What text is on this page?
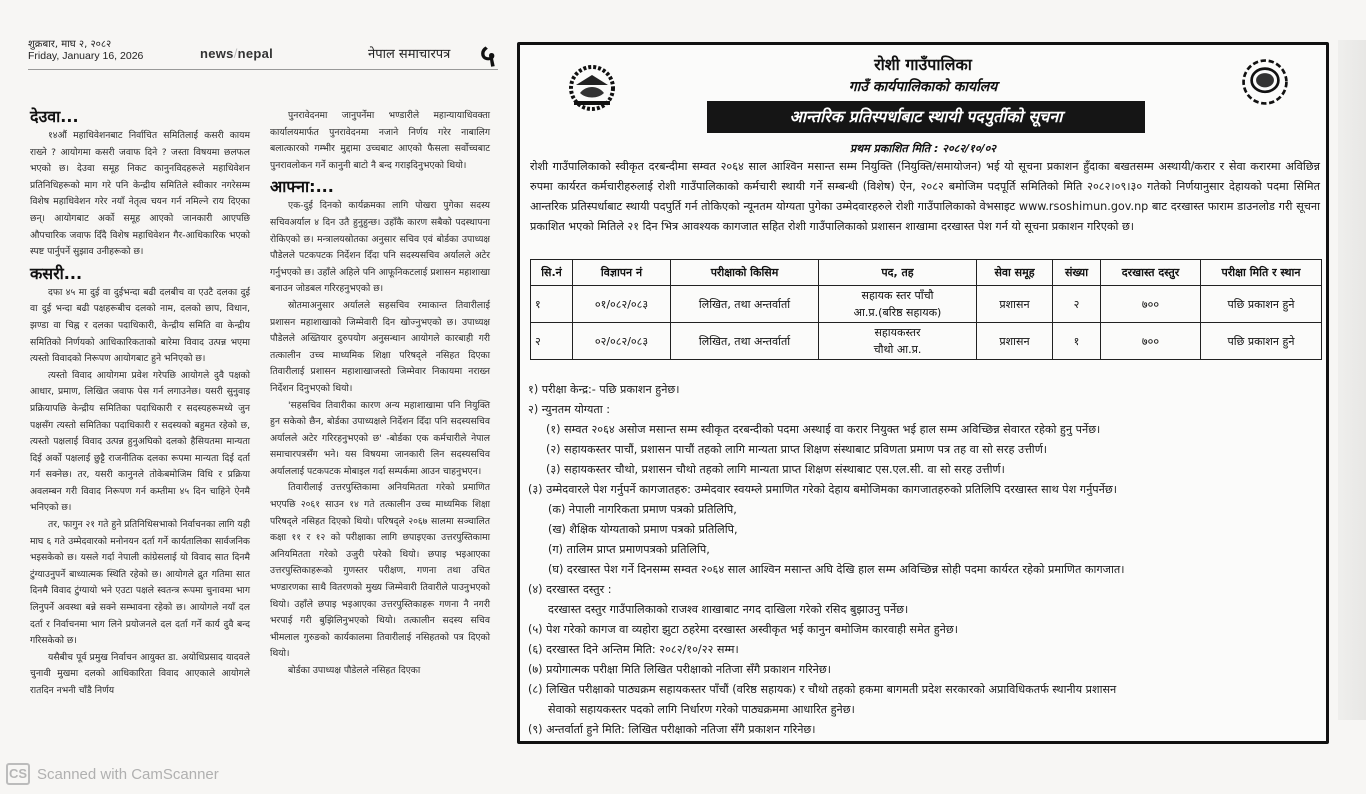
शुक्रबार, माघ २, २०८२
Friday, January 16, 2026	news/nepal	नेपाल समाचारपत्र ५
देउवा...

१४औं महाधिवेशनबाट निर्वाचित समितिलाई कसरी कायम राख्ने ? आयोगमा कसरी जवाफ दिने ? जस्ता विषयमा छलफल भएको छ। देउवा समूह निकट कानुनविदहरूले महाधिवेशन प्रतिनिधिहरूको माग गरे पनि केन्द्रीय समितिले स्वीकार नगरेसम्म विशेष महाधिवेशन गरेर नयाँ नेतृत्व चयन गर्न नमिल्ने राय दिएका छन्। आयोगबाट अर्को समूह आएको जानकारी आएपछि औपचारिक जवाफ दिँदै विशेष महाधिवेशन गैर-आधिकारिक भएको स्पष्ट पार्नुपर्ने सुझाव उनीहरूको छ।

कसरी...

दफा ४५ मा दुई वा दुईभन्दा बढी दलबीच वा एउटै दलका दुई वा दुई भन्दा बढी पक्षहरूबीच दलको नाम, दलको छाप, विधान, झण्डा वा चिह्न र दलका पदाधिकारी, केन्द्रीय समिति वा केन्द्रीय समितिको निर्णयको आधिकारिकताको बारेमा विवाद उत्पन्न भएमा त्यस्तो विवादको निरूपण आयोगबाट हुने भनिएको छ।

त्यस्तो विवाद आयोगमा प्रवेश गरेपछि आयोगले दुवै पक्षको आधार, प्रमाण, लिखित जवाफ पेस गर्न लगाउनेछ। यसरी सुनुवाइ प्रक्रियापछि केन्द्रीय समितिका पदाधिकारी र सदस्यहरूमध्ये जुन पक्षसँग त्यस्तो समितिका पदाधिकारी र सदस्यको बहुमत रहेको छ, त्यस्तो पक्षलाई विवाद उत्पन्न हुनुअघिको दलको हैसियतमा मान्यता दिई अर्को पक्षलाई छुट्टै राजनीतिक दलका रूपमा मान्यता दिई दर्ता गर्न सक्नेछ। तर, यसरी कानुनले तोकेबमोजिम विधि र प्रक्रिया अवलम्बन गरी विवाद निरूपण गर्न कम्तीमा ४५ दिन चाहिने ऐनमै भनिएको छ।

तर, फागुन २१ गते हुने प्रतिनिधिसभाको निर्वाचनका लागि यही माघ ६ गते उम्मेदवारको मनोनयन दर्ता गर्ने कार्यतालिका सार्वजनिक भइसकेको छ। यसले गर्दा नेपाली कांग्रेसलाई यो विवाद सात दिनमै टुंग्याउनुपर्ने बाध्यात्मक स्थिति रहेको छ। आयोगले द्रुत गतिमा सात दिनमै विवाद टुंग्यायो भने एउटा पक्षले स्वतन्त्र रूपमा चुनावमा भाग लिनुपर्ने अवस्था बन्ने सक्ने सम्भावना रहेको छ। आयोगले नयाँ दल दर्ता र निर्वाचनमा भाग लिने प्रयोजनले दल दर्ता गर्ने कार्य दुवै बन्द गरिसकेको छ।

यसैबीच पूर्व प्रमुख निर्वाचन आयुक्त डा. अयोधिप्रसाद यादवले चुनावी मुखमा दलको आधिकारिता विवाद आएकाले आयोगले रातदिन नभनी चाँडै निर्णय

पुनरावेदनमा जानुपर्नेमा भण्डारीले महान्यायाधिवक्ता कार्यालयमार्फत पुनरावेदनमा नजाने निर्णय गरेर नाबालिग बलात्कारको गम्भीर मुद्दामा उच्चबाट आएको फैसला सर्वोच्चबाट पुनरावलोकन गर्ने कानुनी बाटो नै बन्द गराइदिनुभएको थियो।

आफ्ना:...

एक-दुई दिनको कार्यक्रमका लागि पोखरा पुगेका सदस्य सचिवअर्याल ४ दिन उतै हुनुहुन्छ। उहाँकै कारण सबैको पदस्थापना रोकिएको छ। मन्त्रालयस्रोतका अनुसार सचिव एवं बोर्डका उपाध्यक्ष पौडेलले पटकपटक निर्देशन दिँदा पनि सदस्यसचिव अर्यालले अटेर गर्नुभएको छ। उहाँले अहिले पनि आफूनिकटलाई प्रशासन महाशाखा बनाउन जोडबल गरिरहनुभएको छ।

स्रोतमाअनुसार अर्यालले सहसचिव रमाकान्त तिवारीलाई प्रशासन महाशाखाको जिम्मेवारी दिन खोज्नुभएको छ। उपाध्यक्ष पौडेलले अख्तियार दुरुपयोग अनुसन्धान आयोगले कारबाही गरी तत्कालीन उच्च माध्यमिक शिक्षा परिषद्ले नसिहत दिएका तिवारीलाई प्रशासन महाशाखाजस्तो जिम्मेवार निकायमा नराख्न निर्देशन दिनुभएको थियो।

'सहसचिव तिवारीका कारण अन्य महाशाखामा पनि नियुक्ति हुन सकेको छैन, बोर्डका उपाध्यक्षले निर्देशन दिँदा पनि सदस्यसचिव अर्यालले अटेर गरिरहनुभएको छ' -बोर्डका एक कर्मचारीले नेपाल समाचारपत्रसँग भने। यस विषयमा जानकारी लिन सदस्यसचिव अर्याललाई पटकपटक मोबाइल गर्दा सम्पर्कमा आउन चाहनुभएन।

तिवारीलाई उत्तरपुस्तिकामा अनियमितता गरेको प्रमाणित भएपछि २०६१ साउन १४ गते तत्कालीन उच्च माध्यमिक शिक्षा परिषद्ले नसिहत दिएको थियो। परिषद्ले २०६७ सालमा सञ्चालित कक्षा ११ र १२ को परीक्षाका लागि छपाइएका उत्तरपुस्तिकामा अनियमितता गरेको उजुरी परेको थियो। छपाइ भइआएका उत्तरपुस्तिकाहरूको गुणस्तर परीक्षण, गणना तथा उचित भण्डारणका साथै वितरणको मुख्य जिम्मेवारी तिवारीले पाउनुभएको थियो। उहाँले छपाइ भइआएका उत्तरपुस्तिकाहरू गणना नै नगरी भरपाई गरी बुझिलिनुभएको थियो। तत्कालीन सदस्य सचिव भीमलाल गुरुङको कार्यकालमा तिवारीलाई नसिहतको पत्र दिएको थियो।

बोर्डका उपाध्यक्ष पौडेलले नसिहत दिएका

रोशी गाउँपालिका
गाउँ कार्यपालिकाको कार्यालय
आन्तरिक प्रतिस्पर्धाबाट स्थायी पदपुर्तीको सूचना
प्रथम प्रकाशित मिति : २०८२/१०/०२
रोशी गाउँपालिकाको स्वीकृत दरबन्दीमा सम्वत २०६४ साल आश्विन मसान्त सम्म नियुक्ति (नियुक्ति/समायोजन) भई यो सूचना प्रकाशन हुँदाका बखतसम्म अस्थायी/करार र सेवा करारमा अविछिन्न रुपमा कार्यरत कर्मचारीहरुलाई रोशी गाउँपालिकाको कर्मचारी स्थायी गर्ने सम्बन्धी (विशेष) ऐन, २०८२ बमोजिम पदपूर्ति समितिको मिति २०८२।०९।३० गतेको निर्णयानुसार देहायको पदमा सिमित आन्तरिक प्रतिस्पर्धाबाट स्थायी पदपुर्ति गर्न तोकिएको न्यूनतम योग्यता पुगेका उम्मेदवारहरुले रोशी गाउँपालिकाको वेभसाइट www.rsoshimun.gov.np बाट दरखास्त फाराम डाउनलोड गरी सूचना प्रकाशित भएको मितिले २१ दिन भित्र आवश्यक कागजात सहित रोशी गाउँपालिकाको प्रशासन शाखामा दरखास्त पेश गर्न यो सूचना प्रकाशन गरिएको छ।
सि.नं	विज्ञापन नं	परीक्षाको किसिम	पद, तह	सेवा समूह	संख्या	दरखास्त दस्तुर	परीक्षा मिति र स्थान
१	०१/०८२/०८३	लिखित, तथा अन्तर्वार्ता	सहायक स्तर पाँचौ
आ.प्र.(बरिष्ठ सहायक)	प्रशासन	२	७००	पछि प्रकाशन हुने
२	०२/०८२/०८३	लिखित, तथा अन्तर्वार्ता	सहायकस्तर
चौथो आ.प्र.	प्रशासन	१	७००	पछि प्रकाशन हुने
१) परीक्षा केन्द्र:- पछि प्रकाशन हुनेछ।
२) न्युनतम योग्यता :
(१) सम्वत २०६४ असोज मसान्त सम्म स्वीकृत दरबन्दीको पदमा अस्थाई वा करार नियुक्त भई हाल सम्म अविच्छिन्न सेवारत रहेको हुनु पर्नेछ।
(२) सहायकस्तर पाचौं, प्रशासन पाचौं तहको लागि मान्यता प्राप्त शिक्षण संस्थाबाट प्रविणता प्रमाण पत्र तह वा सो सरह उत्तीर्ण।
(३) सहायकस्तर चौथो, प्रशासन चौथो तहको लागि मान्यता प्राप्त शिक्षण संस्थाबाट एस.एल.सी. वा सो सरह उत्तीर्ण।
(३) उम्मेदवारले पेश गर्नुपर्ने कागजातहरु: उम्मेदवार स्वयम्ले प्रमाणित गरेको देहाय बमोजिमका कागजातहरुको प्रतिलिपि दरखास्त साथ पेश गर्नुपर्नेछ।
(क) नेपाली नागरिकता प्रमाण पत्रको प्रतिलिपि,
(ख) शैक्षिक योग्यताको प्रमाण पत्रको प्रतिलिपि,
(ग) तालिम प्राप्त प्रमाणपत्रको प्रतिलिपि,
(घ) दरखास्त पेश गर्ने दिनसम्म सम्वत २०६४ साल आश्विन मसान्त अघि देखि हाल सम्म अविच्छिन्न सोही पदमा कार्यरत रहेको प्रमाणित कागजात।
(४) दरखास्त दस्तुर :
दरखास्त दस्तुर गाउँपालिकाको राजश्व शाखाबाट नगद दाखिला गरेको रसिद बुझाउनु पर्नेछ।
(५) पेश गरेको कागज वा व्यहोरा झुटा ठहरेमा दरखास्त अस्वीकृत भई कानुन बमोजिम कारवाही समेत हुनेछ।
(६) दरखास्त दिने अन्तिम मिति: २०८२/१०/२२ सम्म।
(७) प्रयोगात्मक परीक्षा मिति लिखित परीक्षाको नतिजा सँगै प्रकाशन गरिनेछ।
(८) लिखित परीक्षाको पाठ्यक्रम सहायकस्तर पाँचौं (वरिष्ठ सहायक) र चौथो तहको हकमा बागमती प्रदेश सरकारको अप्राविधिकतर्फ स्थानीय प्रशासन
सेवाको सहायकस्तर पदको लागि निर्धारण गरेको पाठ्यक्रममा आधारित हुनेछ।
(९) अन्तर्वार्ता हुने मिति: लिखित परीक्षाको नतिजा सँगै प्रकाशन गरिनेछ।
CS Scanned with CamScanner
